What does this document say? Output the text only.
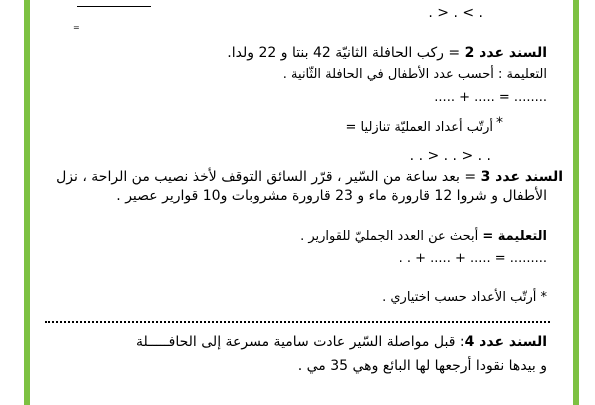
. > . < .
=
السند عدد 2 = ركب الحافلة الثانيّة 42 بنتا و 22 ولدا.
التعليمة : أحسب عدد الأطفال في الحافلة الثّانية .
........ = ..... + .....
أرتّب أعداد العمليّة تنازليا = *
. . < . . < . .
السند عدد 3 = بعد ساعة من السّير ، قرّر السائق التوقف لأخذ نصيب من الراحة ، نزل
الأطفال و شروا 12 قارورة ماء و 23 قارورة مشروبات و10 قوارير عصير .
التعليمة = أبحث عن العدد الجمليّ للقوارير .
......... = ..... + ..... + . .
* أرتّب الأعداد حسب اختياري .
السند عدد 4: قبل مواصلة السّير عادت سامية مسرعة إلى الحافـــــلة
و بيدها نقودا أرجعها لها البائع وهي 35 مي .
